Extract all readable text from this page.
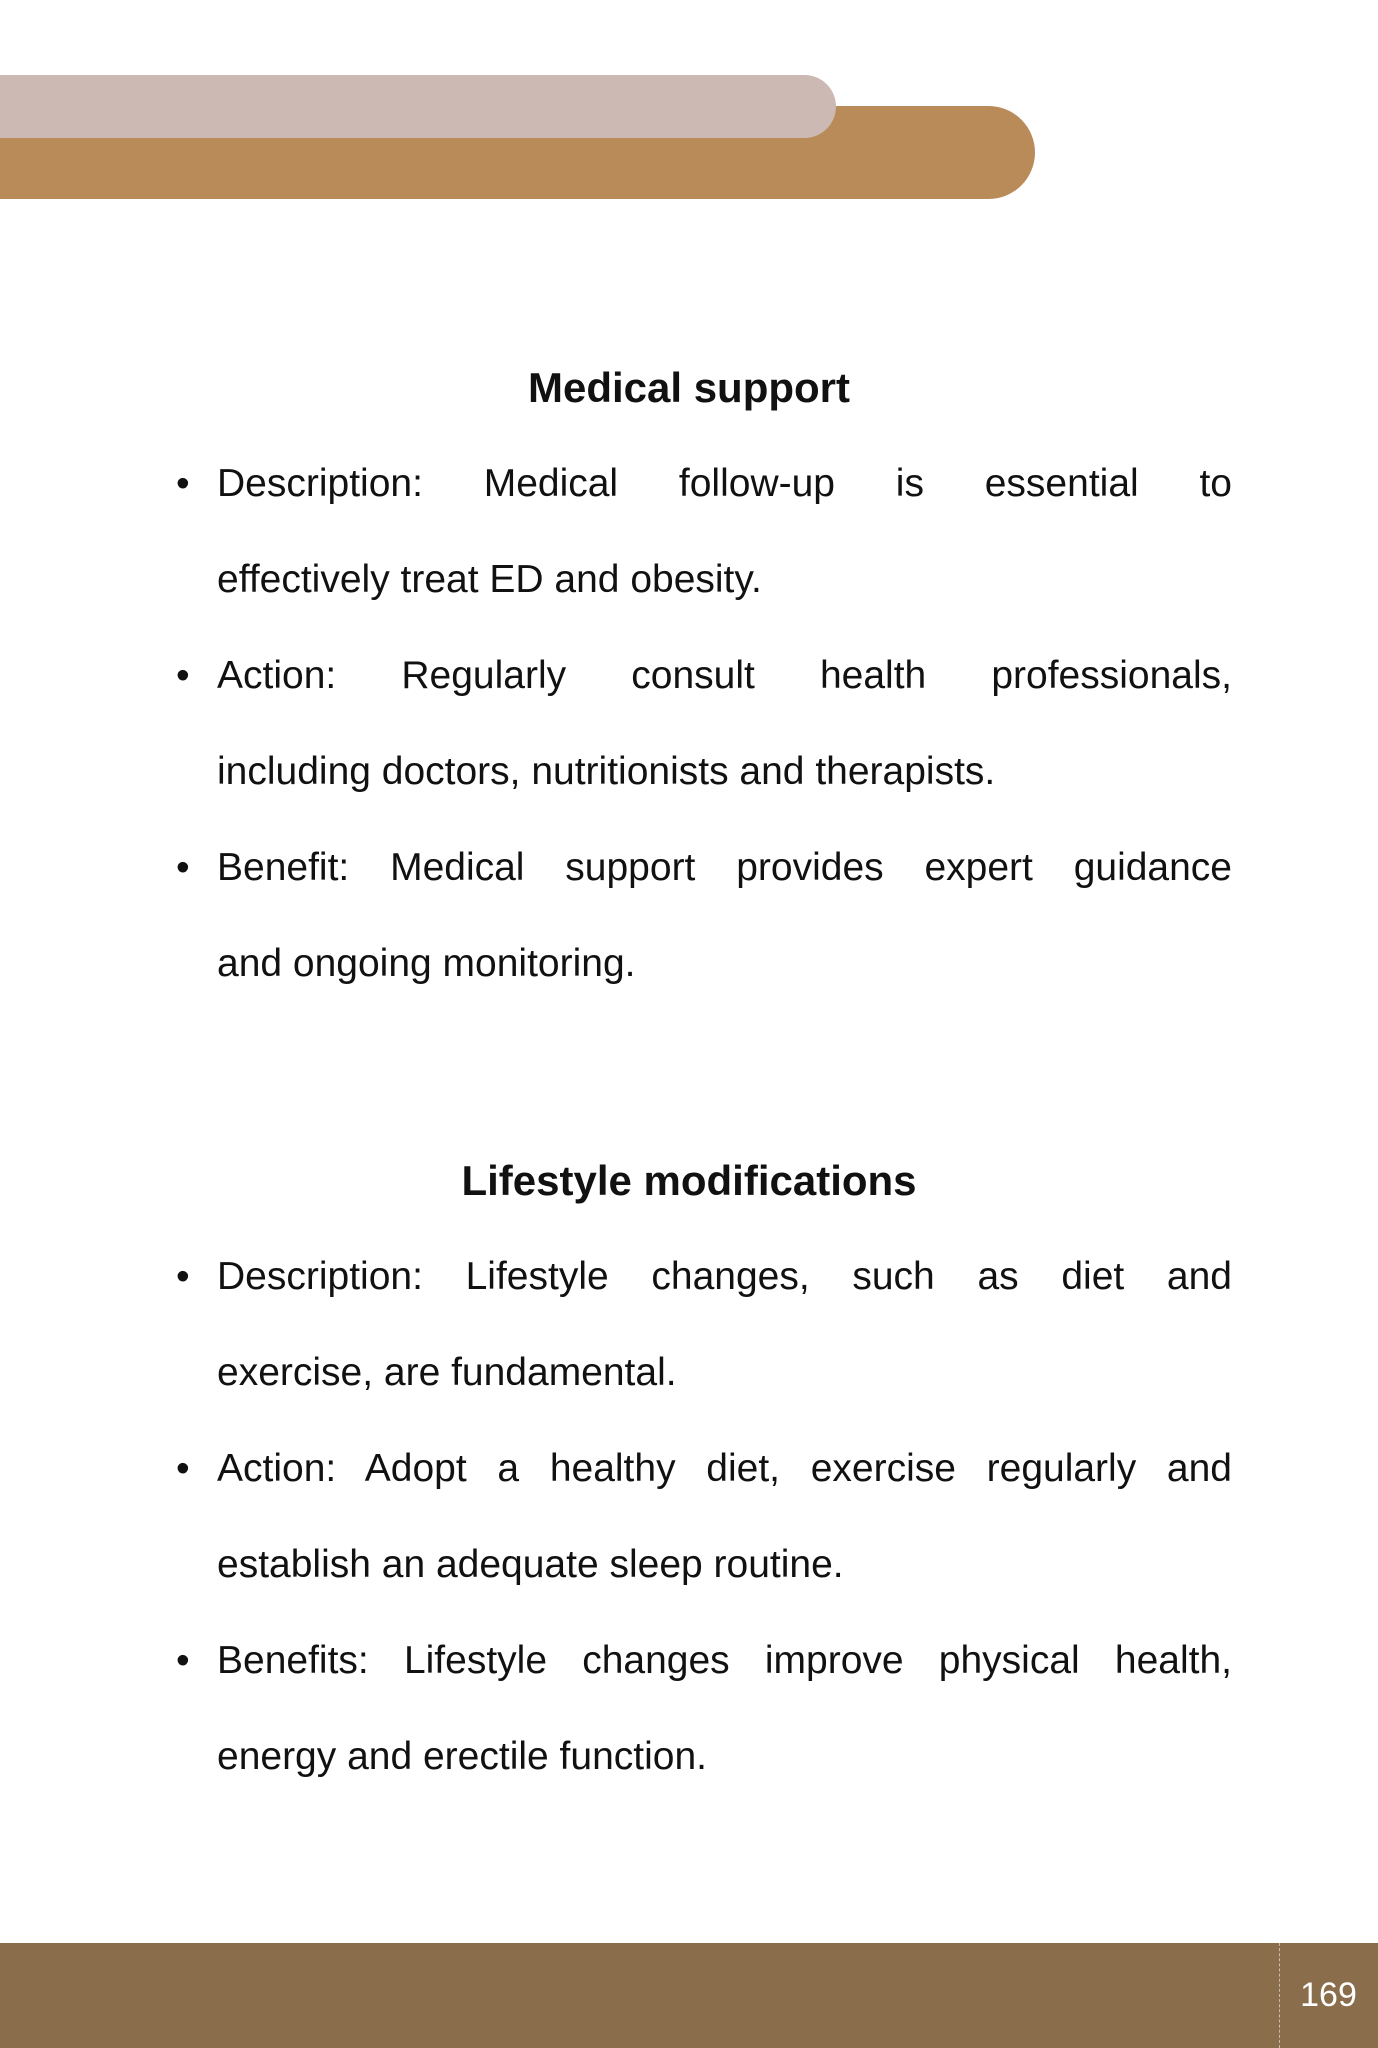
Medical support
• Description: Medical follow-up is essential to
effectively treat ED and obesity.
• Action: Regularly consult health professionals,
including doctors, nutritionists and therapists.
• Benefit: Medical support provides expert guidance
and ongoing monitoring.
Lifestyle modifications
• Description: Lifestyle changes, such as diet and
exercise, are fundamental.
• Action: Adopt a healthy diet, exercise regularly and
establish an adequate sleep routine.
• Benefits: Lifestyle changes improve physical health,
energy and erectile function.
169
